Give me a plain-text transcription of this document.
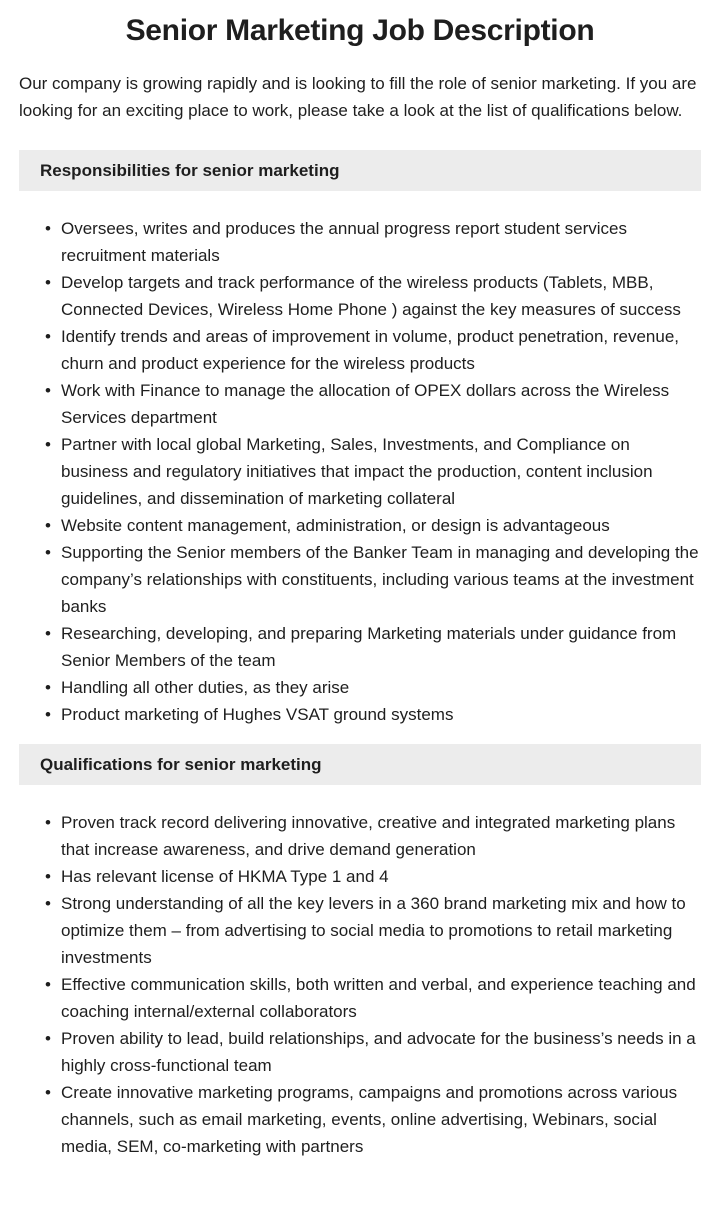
Senior Marketing Job Description

Our company is growing rapidly and is looking to fill the role of senior marketing. If you are looking for an exciting place to work, please take a look at the list of qualifications below.

Responsibilities for senior marketing
• Oversees, writes and produces the annual progress report student services recruitment materials
• Develop targets and track performance of the wireless products (Tablets, MBB, Connected Devices, Wireless Home Phone ) against the key measures of success
• Identify trends and areas of improvement in volume, product penetration, revenue, churn and product experience for the wireless products
• Work with Finance to manage the allocation of OPEX dollars across the Wireless Services department
• Partner with local global Marketing, Sales, Investments, and Compliance on business and regulatory initiatives that impact the production, content inclusion guidelines, and dissemination of marketing collateral
• Website content management, administration, or design is advantageous
• Supporting the Senior members of the Banker Team in managing and developing the company’s relationships with constituents, including various teams at the investment banks
• Researching, developing, and preparing Marketing materials under guidance from Senior Members of the team
• Handling all other duties, as they arise
• Product marketing of Hughes VSAT ground systems
Qualifications for senior marketing
• Proven track record delivering innovative, creative and integrated marketing plans that increase awareness, and drive demand generation
• Has relevant license of HKMA Type 1 and 4
• Strong understanding of all the key levers in a 360 brand marketing mix and how to optimize them – from advertising to social media to promotions to retail marketing investments
• Effective communication skills, both written and verbal, and experience teaching and coaching internal/external collaborators
• Proven ability to lead, build relationships, and advocate for the business’s needs in a highly cross-functional team
• Create innovative marketing programs, campaigns and promotions across various channels, such as email marketing, events, online advertising, Webinars, social media, SEM, co-marketing with partners
